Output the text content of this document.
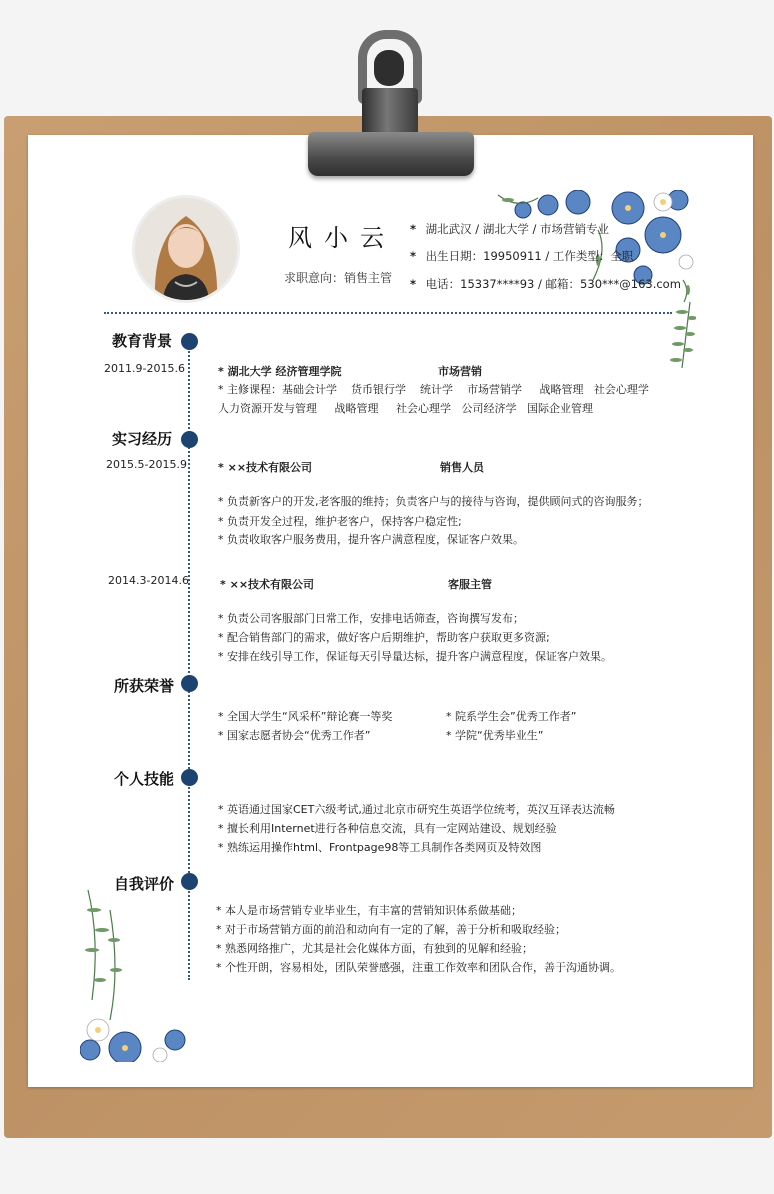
风小云
求职意向：销售主管
* 湖北武汉 / 湖北大学 / 市场营销专业
* 出生日期：19950911 / 工作类型：全职
* 电话：15337****93 / 邮箱：530***@163.com
教育背景
2011.9-2015.6	* 湖北大学 经济管理学院	市场营销
* 主修课程：基础会计学    货币银行学    统计学    市场营销学     战略管理   社会心理学
人力资源开发与管理     战略管理     社会心理学   公司经济学   国际企业管理
实习经历
2015.5-2015.9	* ××技术有限公司	销售人员
* 负责新客户的开发,老客服的维持；负责客户与的接待与咨询，提供顾问式的咨询服务；
* 负责开发全过程，维护老客户，保持客户稳定性;
* 负责收取客户服务费用，提升客户满意程度，保证客户效果。
2014.3-2014.6	* ××技术有限公司	客服主管
* 负责公司客服部门日常工作，安排电话筛查，咨询撰写发布；
* 配合销售部门的需求，做好客户后期维护，帮助客户获取更多资源;
* 安排在线引导工作，保证每天引导量达标，提升客户满意程度，保证客户效果。
所获荣誉
* 全国大学生“风采杯”辩论赛一等奖	* 院系学生会”优秀工作者”
* 国家志愿者协会“优秀工作者”	* 学院“优秀毕业生”
个人技能
* 英语通过国家CET六级考试,通过北京市研究生英语学位统考，英汉互译表达流畅
* 擅长利用Internet进行各种信息交流，具有一定网站建设、规划经验
* 熟练运用操作html、Frontpage98等工具制作各类网页及特效图
自我评价
* 本人是市场营销专业毕业生，有丰富的营销知识体系做基础；
* 对于市场营销方面的前沿和动向有一定的了解，善于分析和吸取经验；
* 熟悉网络推广，尤其是社会化媒体方面，有独到的见解和经验；
* 个性开朗，容易相处，团队荣誉感强，注重工作效率和团队合作，善于沟通协调。
